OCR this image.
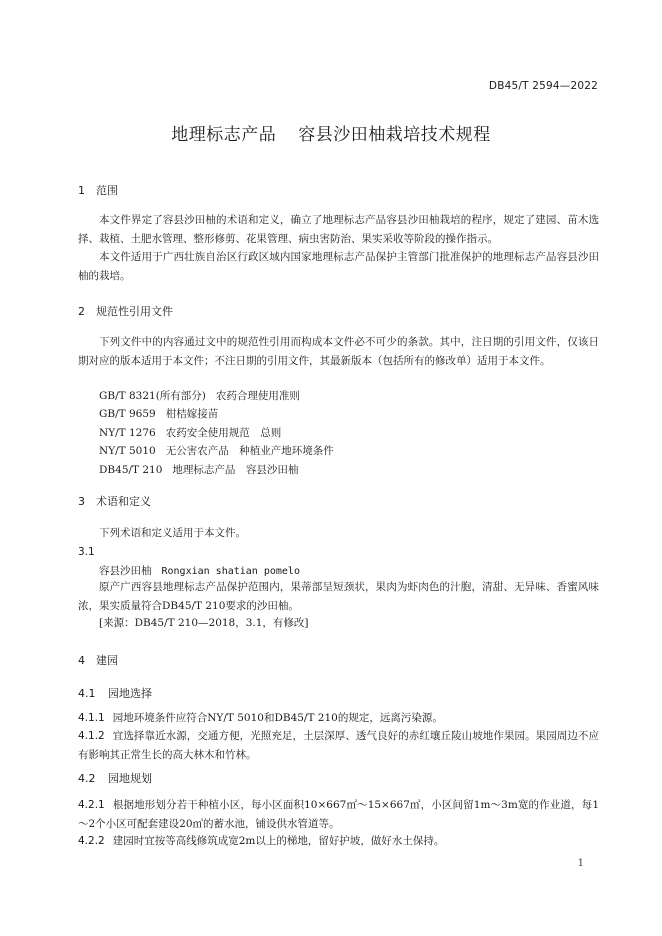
DB45/T 2594—2022
地理标志产品 容县沙田柚栽培技术规程
1 范围
本文件界定了容县沙田柚的术语和定义，确立了地理标志产品容县沙田柚栽培的程序，规定了建园、苗木选择、栽植、土肥水管理、整形修剪、花果管理、病虫害防治、果实采收等阶段的操作指示。
本文件适用于广西壮族自治区行政区域内国家地理标志产品保护主管部门批准保护的地理标志产品容县沙田柚的栽培。
2 规范性引用文件
下列文件中的内容通过文中的规范性引用而构成本文件必不可少的条款。其中，注日期的引用文件，仅该日期对应的版本适用于本文件；不注日期的引用文件，其最新版本（包括所有的修改单）适用于本文件。
GB/T 8321(所有部分) 农药合理使用准则
GB/T 9659 柑桔嫁接苗
NY/T 1276 农药安全使用规范　总则
NY/T 5010 无公害农产品　种植业产地环境条件
DB45/T 210 地理标志产品　容县沙田柚
3 术语和定义
下列术语和定义适用于本文件。
3.1
容县沙田柚 Rongxian shatian pomelo
原产广西容县地理标志产品保护范围内，果蒂部呈短颈状，果肉为虾肉色的汁胞，清甜、无异味、香蜜风味浓，果实质量符合DB45/T 210要求的沙田柚。
[来源：DB45/T 210—2018，3.1，有修改]
4 建园
4.1 园地选择
4.1.1 园地环境条件应符合NY/T 5010和DB45/T 210的规定，远离污染源。
4.1.2 宜选择靠近水源，交通方便，光照充足，土层深厚、透气良好的赤红壤丘陵山坡地作果园。果园周边不应有影响其正常生长的高大林木和竹林。
4.2 园地规划
4.2.1 根据地形划分若干种植小区，每小区面积10×667㎡～15×667㎡，小区间留1m～3m宽的作业道，每1～2个小区可配套建设20㎥的蓄水池，铺设供水管道等。
4.2.2 建园时宜按等高线修筑成宽2m以上的梯地，留好护坡，做好水土保持。
1
